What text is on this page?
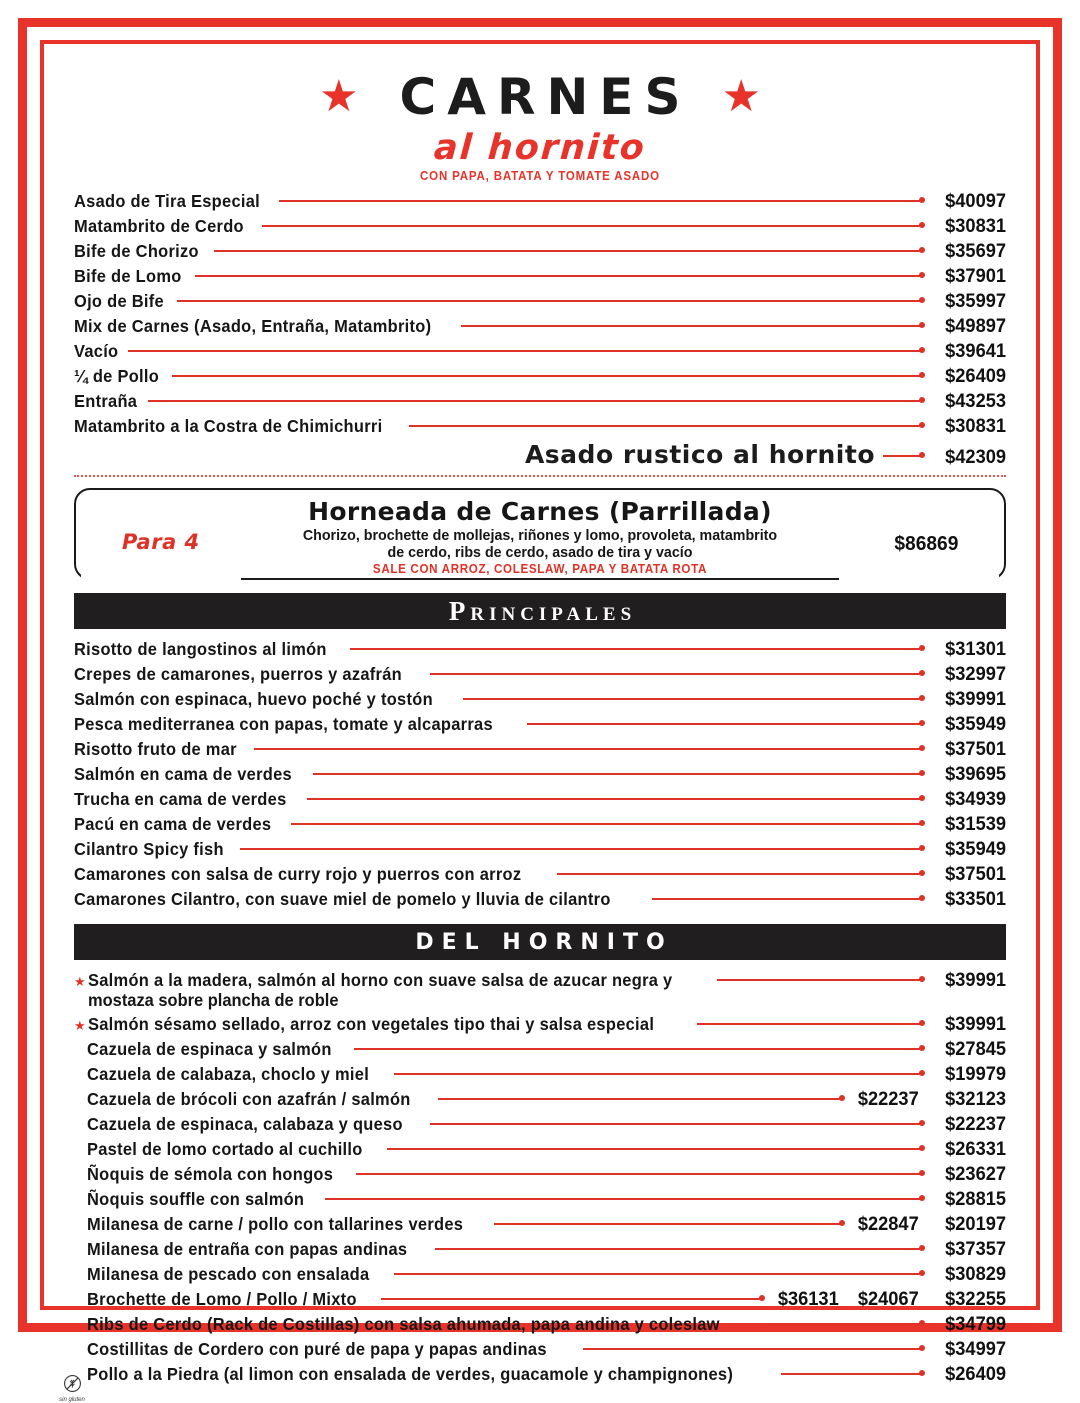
★ CARNES ★
al hornito
CON PAPA, BATATA Y TOMATE ASADO
Asado de Tira Especial	$40097
Matambrito de Cerdo	$30831
Bife de Chorizo	$35697
Bife de Lomo	$37901
Ojo de Bife	$35997
Mix de Carnes (Asado, Entraña, Matambrito)	$49897
Vacío	$39641
¼ de Pollo	$26409
Entraña	$43253
Matambrito a la Costra de Chimichurri	$30831
Asado rustico al hornito	$42309
Horneada de Carnes (Parrillada)
Chorizo, brochette de mollejas, riñones y lomo, provoleta, matambrito
de cerdo, ribs de cerdo, asado de tira y vacío
SALE CON ARROZ, COLESLAW, PAPA Y BATATA ROTA
Para 4	$86869
Principales
Risotto de langostinos al limón	$31301
Crepes de camarones, puerros y azafrán	$32997
Salmón con espinaca, huevo poché y tostón	$39991
Pesca mediterranea con papas, tomate y alcaparras	$35949
Risotto fruto de mar	$37501
Salmón en cama de verdes	$39695
Trucha en cama de verdes	$34939
Pacú en cama de verdes	$31539
Cilantro Spicy fish	$35949
Camarones con salsa de curry rojo y puerros con arroz	$37501
Camarones Cilantro, con suave miel de pomelo y lluvia de cilantro	$33501
DEL HORNITO
★ Salmón a la madera, salmón al horno con suave salsa de azucar negra y	$39991
mostaza sobre plancha de roble
★ Salmón sésamo sellado, arroz con vegetales tipo thai y salsa especial	$39991
Cazuela de espinaca y salmón	$27845
Cazuela de calabaza, choclo y miel	$19979
Cazuela de brócoli con azafrán / salmón	$22237	$32123
Cazuela de espinaca, calabaza y queso	$22237
Pastel de lomo cortado al cuchillo	$26331
Ñoquis de sémola con hongos	$23627
Ñoquis souffle con salmón	$28815
Milanesa de carne / pollo con tallarines verdes	$22847	$20197
Milanesa de entraña con papas andinas	$37357
Milanesa de pescado con ensalada	$30829
Brochette de Lomo / Pollo / Mixto	$36131	$24067	$32255
Ribs de Cerdo (Rack de Costillas) con salsa ahumada, papa andina y coleslaw	$34799
Costillitas de Cordero con puré de papa y papas andinas	$34997
sin gluten
Pollo a la Piedra (al limon con ensalada de verdes, guacamole y champignones)	$26409
